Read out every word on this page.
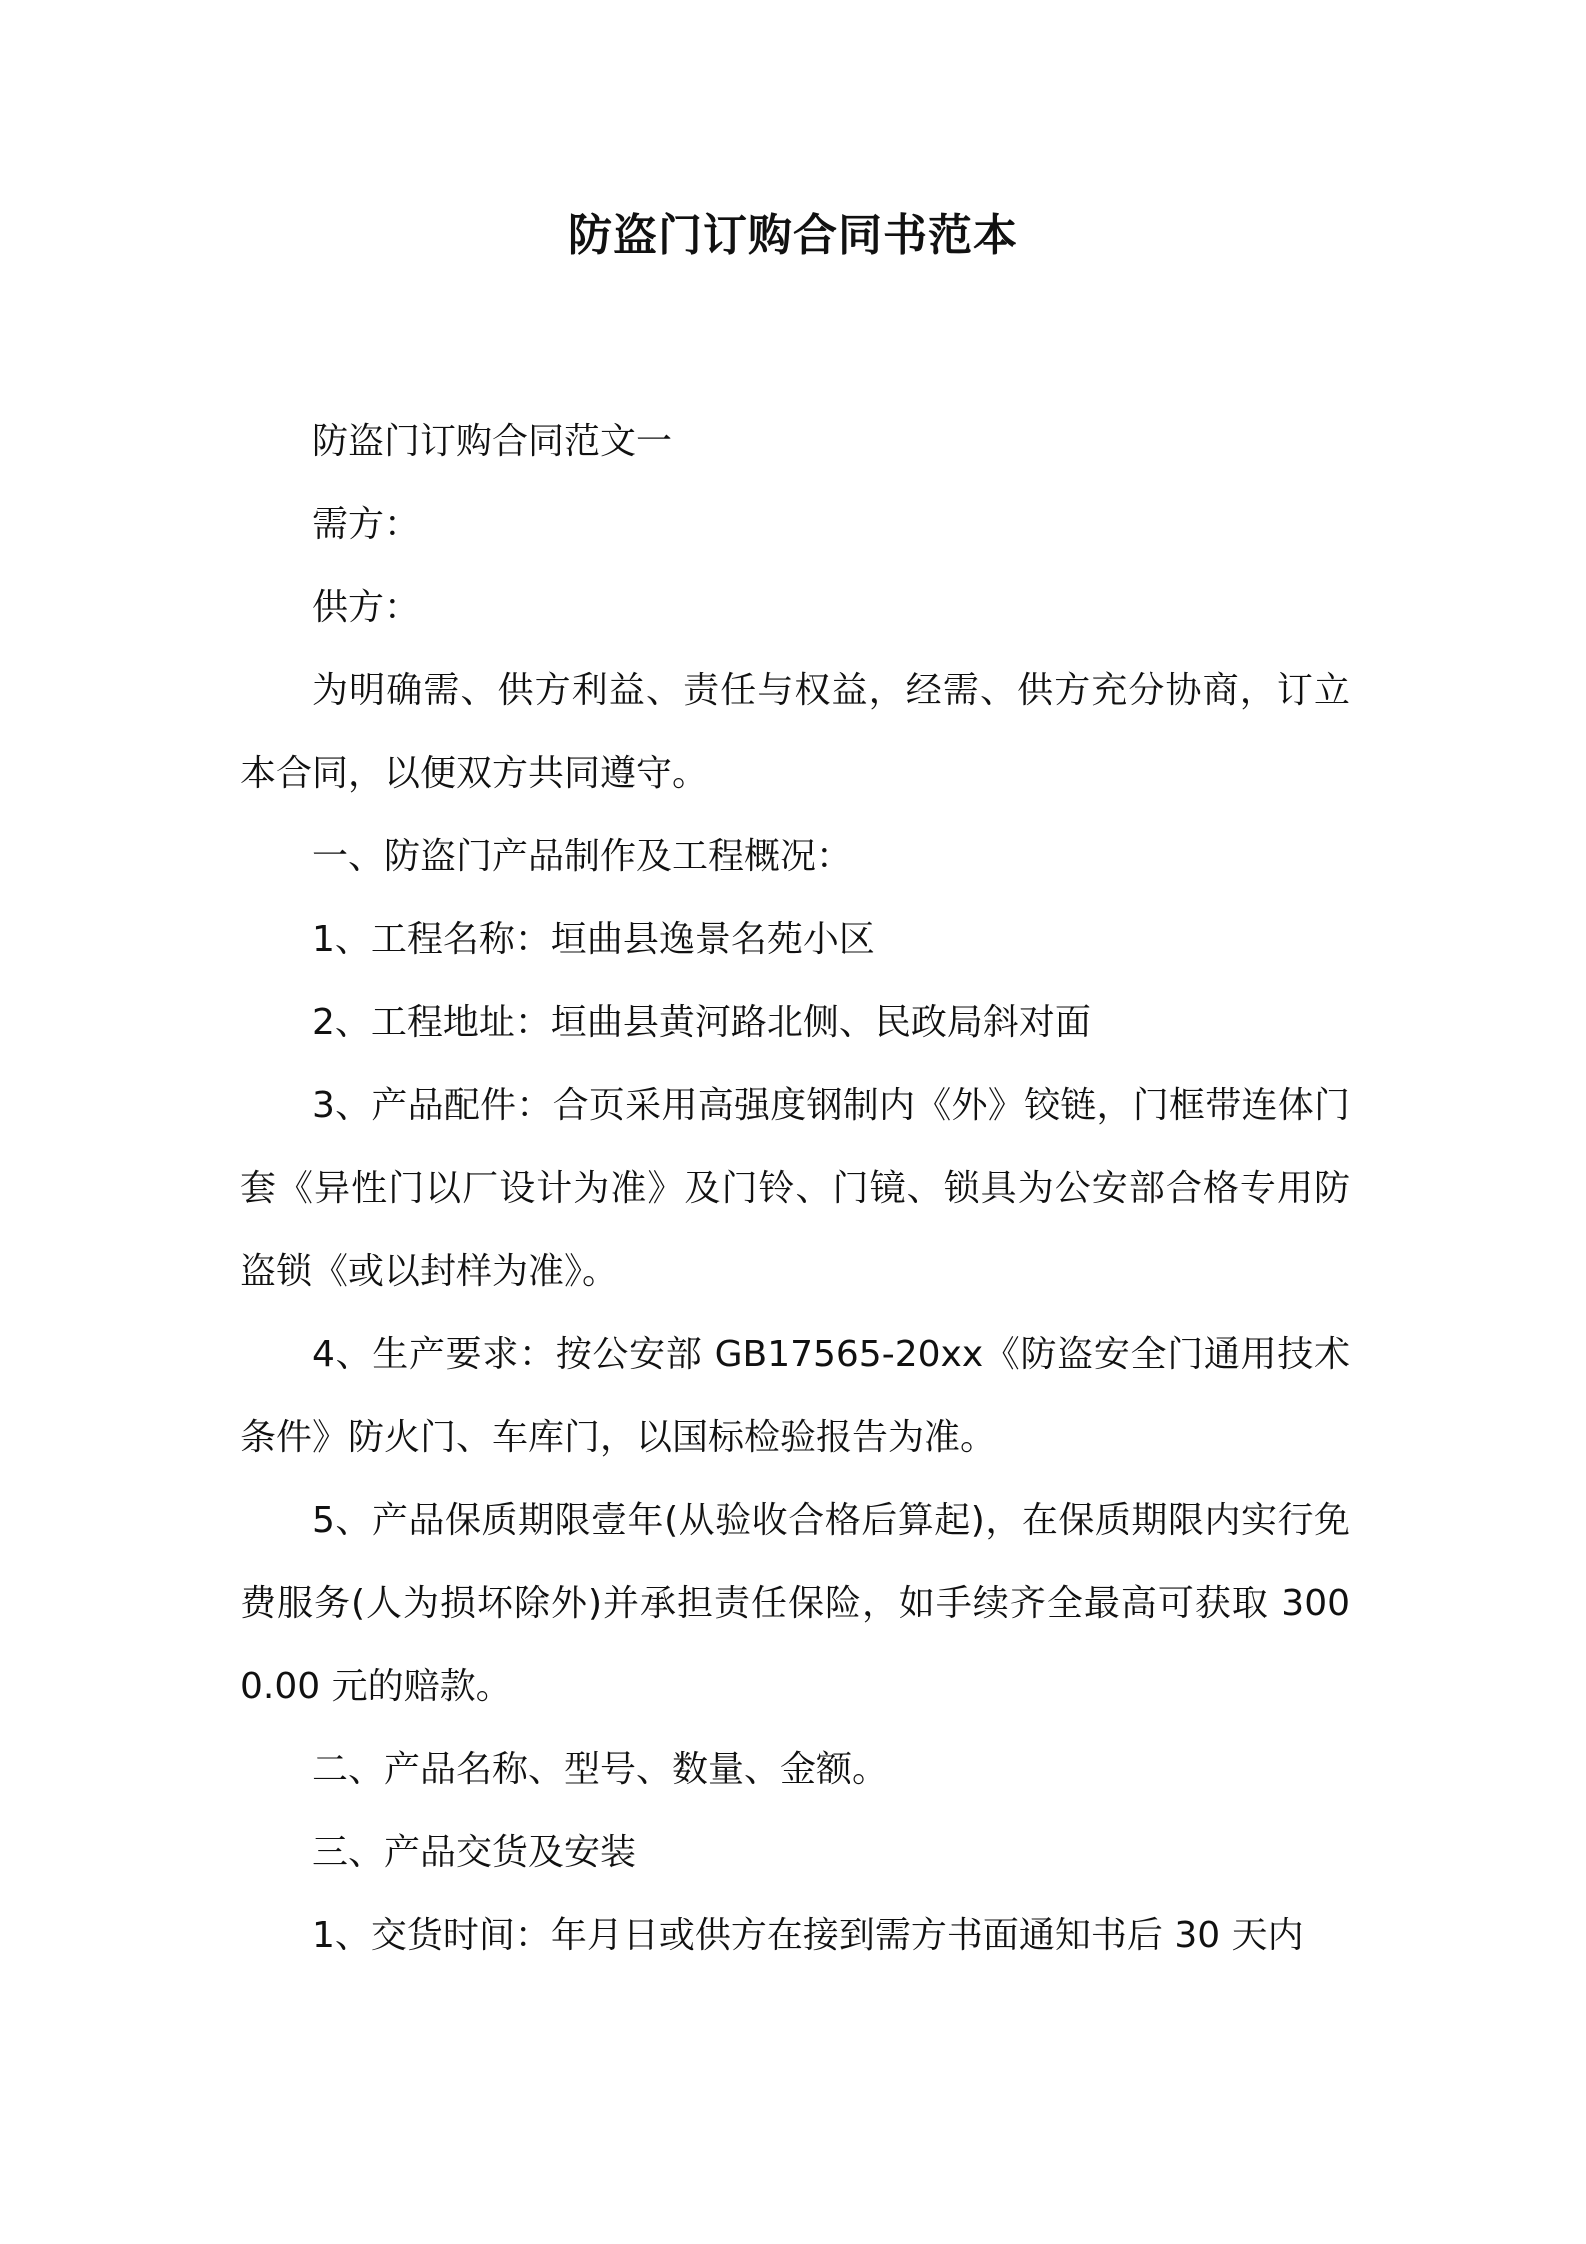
防盗门订购合同书范本

防盗门订购合同范文一

需方：

供方：

为明确需、供方利益、责任与权益，经需、供方充分协商，订立本合同，以便双方共同遵守。

一、防盗门产品制作及工程概况：

1、工程名称：垣曲县逸景名苑小区

2、工程地址：垣曲县黄河路北侧、民政局斜对面

3、产品配件：合页采用高强度钢制内《外》铰链，门框带连体门套《异性门以厂设计为准》及门铃、门镜、锁具为公安部合格专用防盗锁《或以封样为准》。

4、生产要求：按公安部 GB17565-20xx《防盗安全门通用技术条件》防火门、车库门，以国标检验报告为准。

5、产品保质期限壹年(从验收合格后算起)，在保质期限内实行免费服务(人为损坏除外)并承担责任保险，如手续齐全最高可获取 3000.00 元的赔款。

二、产品名称、型号、数量、金额。

三、产品交货及安装

1、交货时间：年月日或供方在接到需方书面通知书后 30 天内
